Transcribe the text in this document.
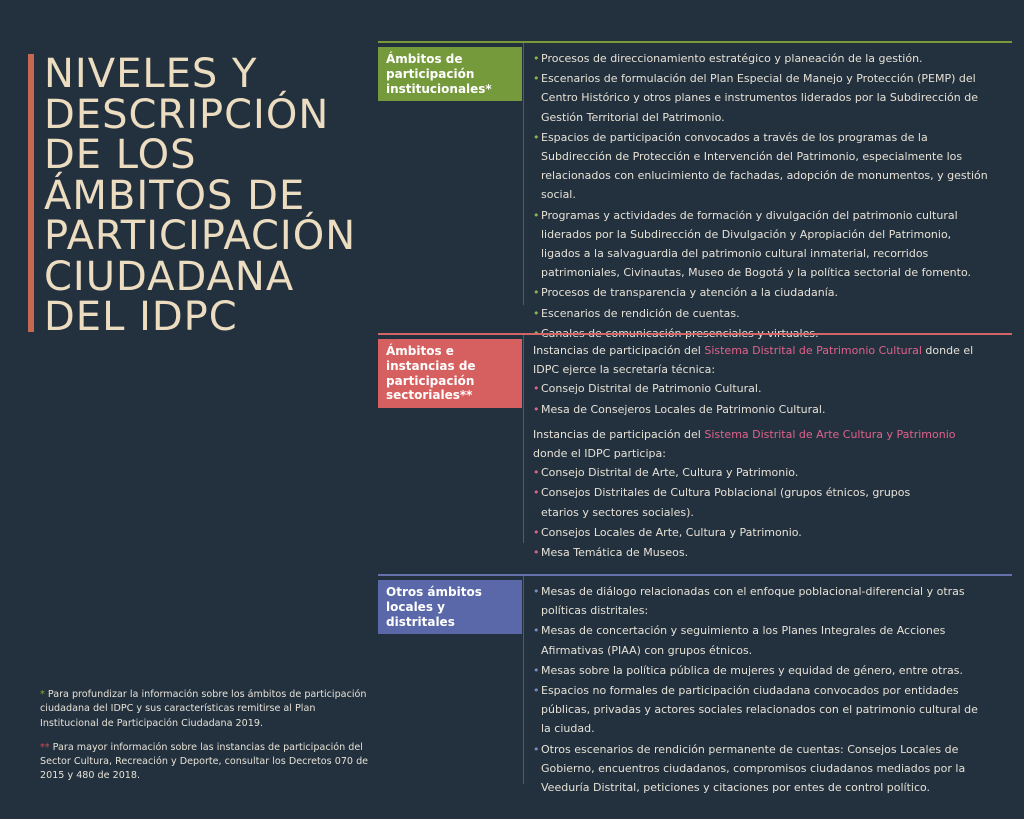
NIVELES Y
DESCRIPCIÓN
DE LOS
ÁMBITOS DE
PARTICIPACIÓN
CIUDADANA
DEL IDPC

* Para profundizar la información sobre los ámbitos de participación ciudadana del IDPC y sus características remitirse al Plan Institucional de Participación Ciudadana 2019.

** Para mayor información sobre las instancias de participación del Sector Cultura, Recreación y Deporte, consultar los Decretos 070 de 2015 y 480 de 2018.

Ámbitos de participación institucionales*
• Procesos de direccionamiento estratégico y planeación de la gestión.
• Escenarios de formulación del Plan Especial de Manejo y Protección (PEMP) del Centro Histórico y otros planes e instrumentos liderados por la Subdirección de Gestión Territorial del Patrimonio.
• Espacios de participación convocados a través de los programas de la Subdirección de Protección e Intervención del Patrimonio, especialmente los relacionados con enlucimiento de fachadas, adopción de monumentos, y gestión social.
• Programas y actividades de formación y divulgación del patrimonio cultural liderados por la Subdirección de Divulgación y Apropiación del Patrimonio, ligados a la salvaguardia del patrimonio cultural inmaterial, recorridos patrimoniales, Civinautas, Museo de Bogotá y la política sectorial de fomento.
• Procesos de transparencia y atención a la ciudadanía.
• Escenarios de rendición de cuentas.
Ámbitos e instancias de participación sectoriales**

Instancias de participación del Sistema Distrital de Patrimonio Cultural donde el IDPC ejerce la secretaría técnica:

• Consejo Distrital de Patrimonio Cultural.
• Mesa de Consejeros Locales de Patrimonio Cultural.

Instancias de participación del Sistema Distrital de Arte Cultura y Patrimonio donde el IDPC participa:

• Consejo Distrital de Arte, Cultura y Patrimonio.
• Consejos Distritales de Cultura Poblacional (grupos étnicos, grupos etarios y sectores sociales).
• Consejos Locales de Arte, Cultura y Patrimonio.
• Mesa Temática de Museos.
Otros ámbitos locales y distritales
• Mesas de diálogo relacionadas con el enfoque poblacional-diferencial y otras políticas distritales:
• Mesas de concertación y seguimiento a los Planes Integrales de Acciones Afirmativas (PIAA) con grupos étnicos.
• Mesas sobre la política pública de mujeres y equidad de género, entre otras.
• Espacios no formales de participación ciudadana convocados por entidades públicas, privadas y actores sociales relacionados con el patrimonio cultural de la ciudad.
• Otros escenarios de rendición permanente de cuentas: Consejos Locales de Gobierno, encuentros ciudadanos, compromisos ciudadanos mediados por la Veeduría Distrital, peticiones y citaciones por entes de control político.
